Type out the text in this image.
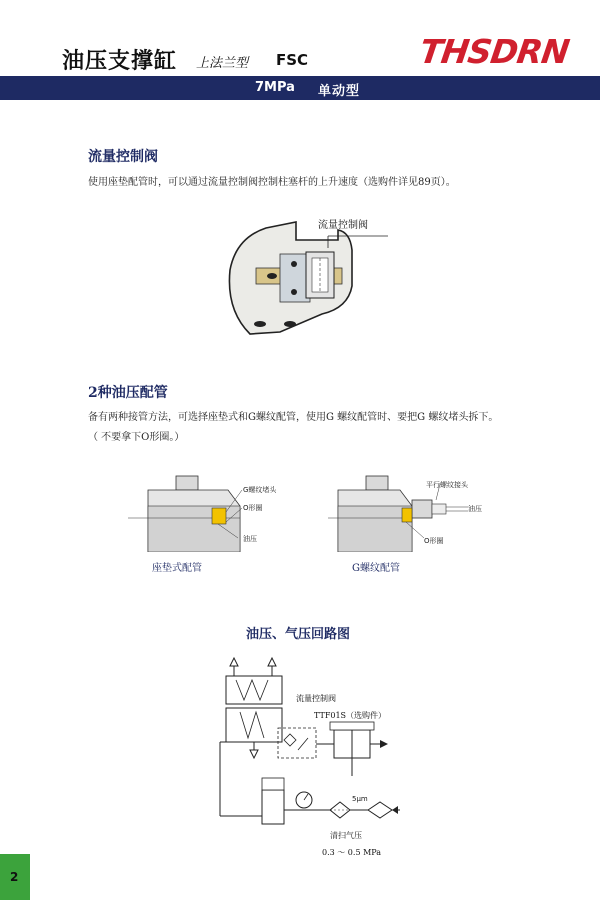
油压支撑缸 上法兰型 FSC	THSDRN
7MPa 单动型
流量控制阀
使用座垫配管时，可以通过流量控制阀控制柱塞杆的上升速度（选购件详见89页）。
流量控制阀
2种油压配管
备有两种接管方法，可选择座垫式和G螺纹配管，使用G 螺纹配管时、要把G 螺纹堵头拆下。
（ 不要拿下O形圈。）
G螺纹堵头
O形圈
油压
座垫式配管
平行螺纹接头
油压
O形圈
G螺纹配管
油压、气压回路图
流量控制阀
TTF01S（选购件）
5μm
清扫气压
0.3 ～ 0.5 MPa
2
